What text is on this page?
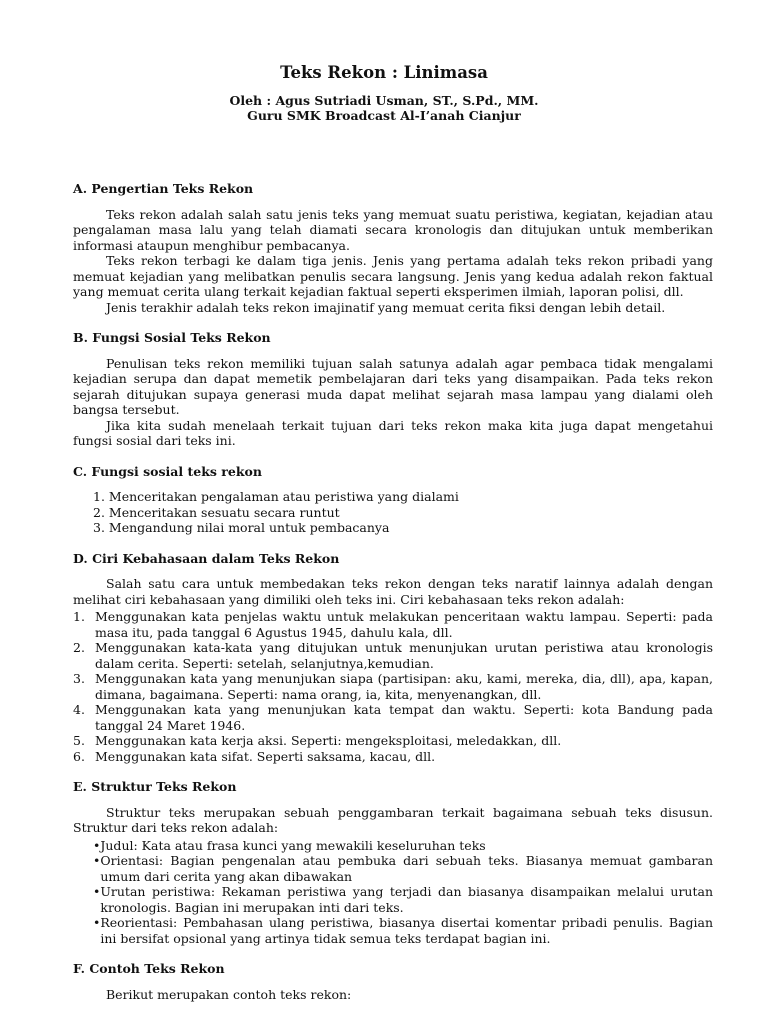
Teks Rekon : Linimasa
Oleh : Agus Sutriadi Usman, ST., S.Pd., MM.
Guru SMK Broadcast Al-I’anah Cianjur
A. Pengertian Teks Rekon

Teks rekon adalah salah satu jenis teks yang memuat suatu peristiwa, kegiatan, kejadian atau pengalaman masa lalu yang telah diamati secara kronologis dan ditujukan untuk memberikan informasi ataupun menghibur pembacanya.

Teks rekon terbagi ke dalam tiga jenis. Jenis yang pertama adalah teks rekon pribadi yang memuat kejadian yang melibatkan penulis secara langsung. Jenis yang kedua adalah rekon faktual yang memuat cerita ulang terkait kejadian faktual seperti eksperimen ilmiah, laporan polisi, dll.

Jenis terakhir adalah teks rekon imajinatif yang memuat cerita fiksi dengan lebih detail.

B. Fungsi Sosial Teks Rekon

Penulisan teks rekon memiliki tujuan salah satunya adalah agar pembaca tidak mengalami kejadian serupa dan dapat memetik pembelajaran dari teks yang disampaikan. Pada teks rekon sejarah ditujukan supaya generasi muda dapat melihat sejarah masa lampau yang dialami oleh bangsa tersebut.

Jika kita sudah menelaah terkait tujuan dari teks rekon maka kita juga dapat mengetahui fungsi sosial dari teks ini.

C. Fungsi sosial teks rekon
1. Menceritakan pengalaman atau peristiwa yang dialami
2. Menceritakan sesuatu secara runtut
3. Mengandung nilai moral untuk pembacanya
D. Ciri Kebahasaan dalam Teks Rekon

Salah satu cara untuk membedakan teks rekon dengan teks naratif lainnya adalah dengan melihat ciri kebahasaan yang dimiliki oleh teks ini. Ciri kebahasaan teks rekon adalah:

1. Menggunakan kata penjelas waktu untuk melakukan penceritaan waktu lampau. Seperti: pada masa itu, pada tanggal 6 Agustus 1945, dahulu kala, dll.
2. Menggunakan kata-kata yang ditujukan untuk menunjukan urutan peristiwa atau kronologis dalam cerita. Seperti: setelah, selanjutnya,kemudian.
3. Menggunakan kata yang menunjukan siapa (partisipan: aku, kami, mereka, dia, dll), apa, kapan, dimana, bagaimana. Seperti: nama orang, ia, kita, menyenangkan, dll.
4. Menggunakan kata yang menunjukan kata tempat dan waktu. Seperti: kota Bandung pada tanggal 24 Maret 1946.
5. Menggunakan kata kerja aksi. Seperti: mengeksploitasi, meledakkan, dll.
6. Menggunakan kata sifat. Seperti saksama, kacau, dll.
E. Struktur Teks Rekon

Struktur teks merupakan sebuah penggambaran terkait bagaimana sebuah teks disusun. Struktur dari teks rekon adalah:

• Judul: Kata atau frasa kunci yang mewakili keseluruhan teks
• Orientasi: Bagian pengenalan atau pembuka dari sebuah teks. Biasanya memuat gambaran umum dari cerita yang akan dibawakan
• Urutan peristiwa: Rekaman peristiwa yang terjadi dan biasanya disampaikan melalui urutan kronologis. Bagian ini merupakan inti dari teks.
• Reorientasi: Pembahasan ulang peristiwa, biasanya disertai komentar pribadi penulis. Bagian ini bersifat opsional yang artinya tidak semua teks terdapat bagian ini.
F. Contoh Teks Rekon

Berikut merupakan contoh teks rekon:
